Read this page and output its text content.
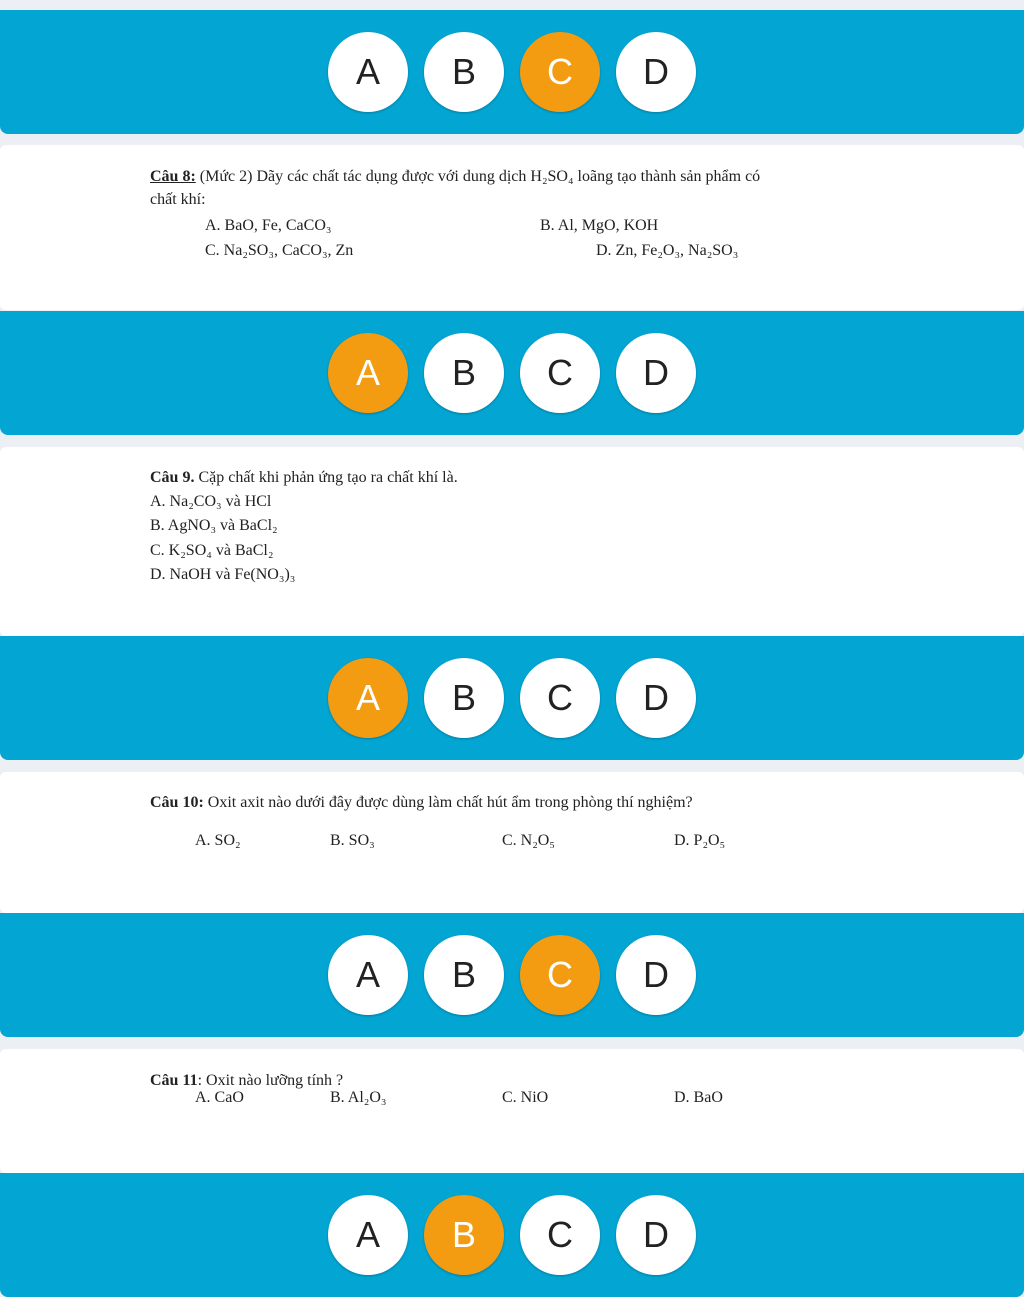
A	B	C	D
Câu 8: (Mức 2) Dãy các chất tác dụng được với dung dịch H₂SO₄ loãng tạo thành sản phẩm có
chất khí:
A. BaO, Fe, CaCO₃	B. Al, MgO, KOH
C. Na₂SO₃, CaCO₃, Zn	D. Zn, Fe₂O₃, Na₂SO₃
A	B	C	D
Câu 9. Cặp chất khi phản ứng tạo ra chất khí là.
A. Na₂CO₃ và HCl
B. AgNO₃ và BaCl₂
C. K₂SO₄ và BaCl₂
D. NaOH và Fe(NO₃)₃
A	B	C	D
Câu 10: Oxit axit nào dưới đây được dùng làm chất hút ẩm trong phòng thí nghiệm?
A. SO₂	B. SO₃	C. N₂O₅	D. P₂O₅
A	B	C	D
Câu 11: Oxit nào lưỡng tính ?
A. CaO	B. Al₂O₃	C. NiO	D. BaO
A	B	C	D
